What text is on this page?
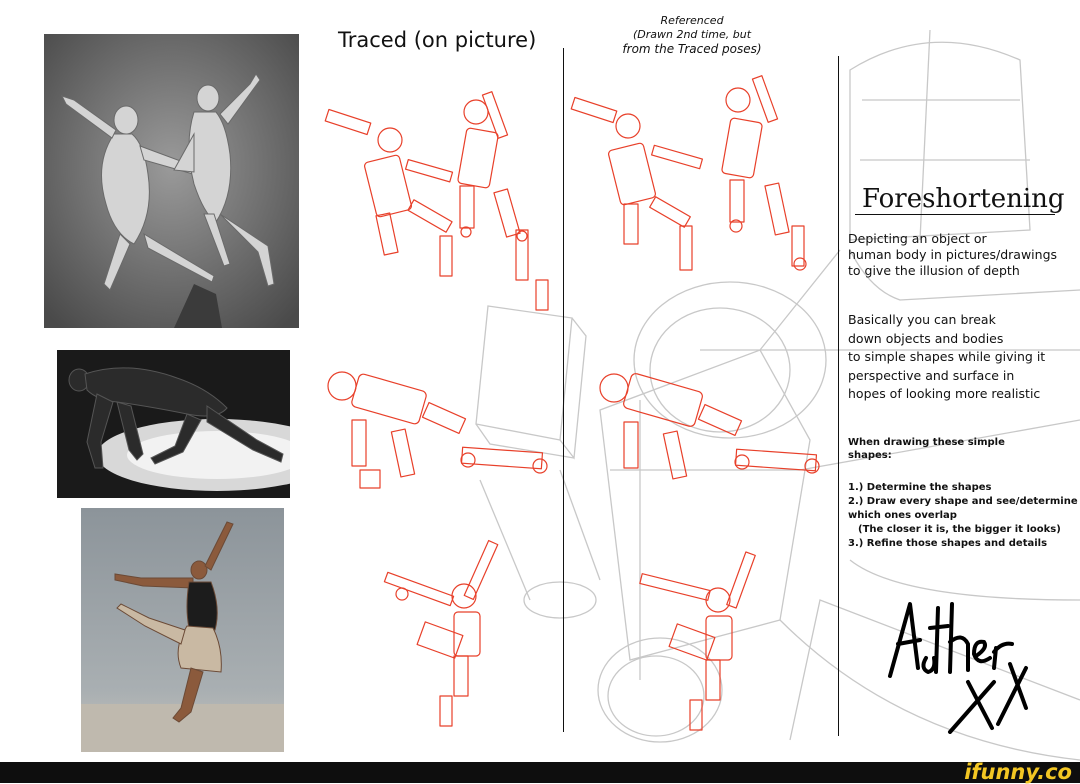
Traced (on picture)
Referenced
(Drawn 2nd time, but
from the Traced poses)
Foreshortening
Depicting an object or
human body in pictures/drawings
to give the illusion of depth
Basically you can break
down objects and bodies
to simple shapes while giving it
perspective and surface in
hopes of looking more realistic
When drawing these simple
shapes:
1.) Determine the shapes
2.) Draw every shape and see/determine
which ones overlap
(The closer it is, the bigger it looks)
3.) Refine those shapes and details
ifunny.co
